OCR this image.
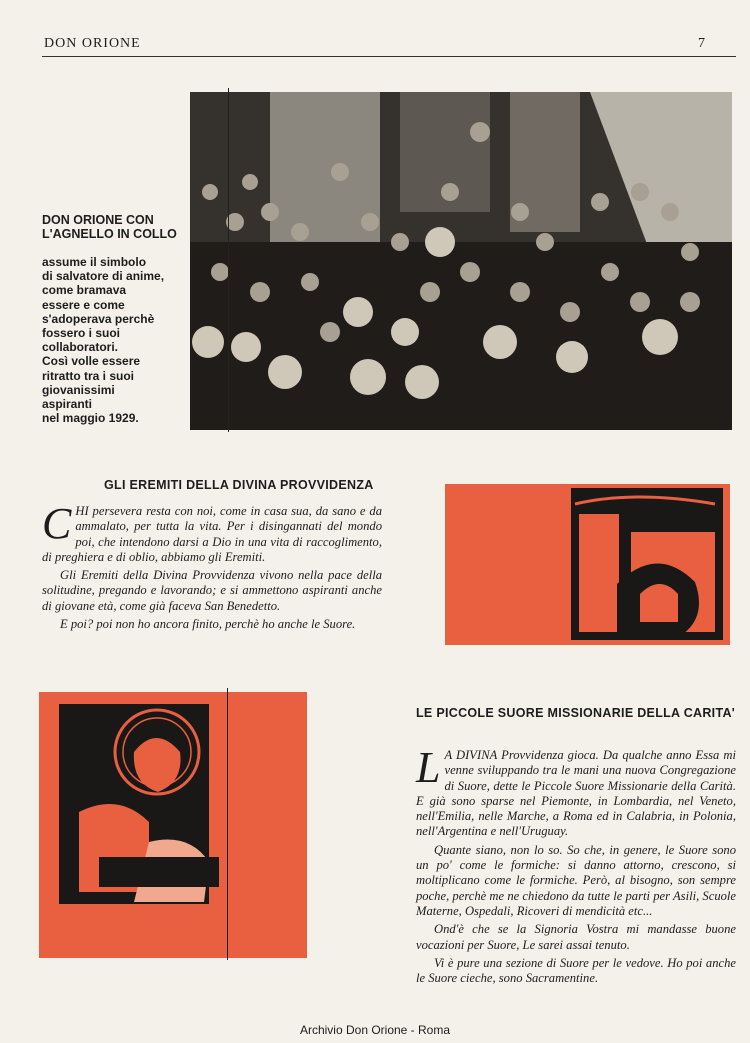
DON ORIONE	7
DON ORIONE CON L'AGNELLO IN COLLO
assume il simbolo
di salvatore di anime,
come bramava
essere e come
s'adoperava perchè
fossero i suoi
collaboratori.
Così volle essere
ritratto tra i suoi
giovanissimi
aspiranti
nel maggio 1929.
GLI EREMITI DELLA DIVINA PROVVIDENZA

CHI persevera resta con noi, come in casa sua, da sano e da ammalato, per tutta la vita. Per i disingannati del mondo poi, che intendono darsi a Dio in una vita di raccoglimento, di preghiera e di oblio, abbiamo gli Eremiti.

Gli Eremiti della Divina Provvidenza vivono nella pace della solitudine, pregando e lavorando; e si ammettono aspiranti anche di giovane età, come già faceva San Benedetto.

E poi? poi non ho ancora finito, perchè ho anche le Suore.

LE PICCOLE SUORE MISSIONARIE DELLA CARITA'

L A DIVINA Provvidenza gioca. Da qualche anno Essa mi venne sviluppando tra le mani una nuova Congregazione di Suore, dette le Piccole Suore Missionarie della Carità. E già sono sparse nel Piemonte, in Lombardia, nel Veneto, nell'Emilia, nelle Marche, a Roma ed in Calabria, in Polonia, nell'Argentina e nell'Uruguay.

Quante siano, non lo so. So che, in genere, le Suore sono un po' come le formiche: si danno attorno, crescono, si moltiplicano come le formiche. Però, al bisogno, son sempre poche, perchè me ne chiedono da tutte le parti per Asili, Scuole Materne, Ospedali, Ricoveri di mendicità etc...

Ond'è che se la Signoria Vostra mi mandasse buone vocazioni per Suore, Le sarei assai tenuto.

Vi è pure una sezione di Suore per le vedove. Ho poi anche le Suore cieche, sono Sacramentine.

Archivio Don Orione - Roma
